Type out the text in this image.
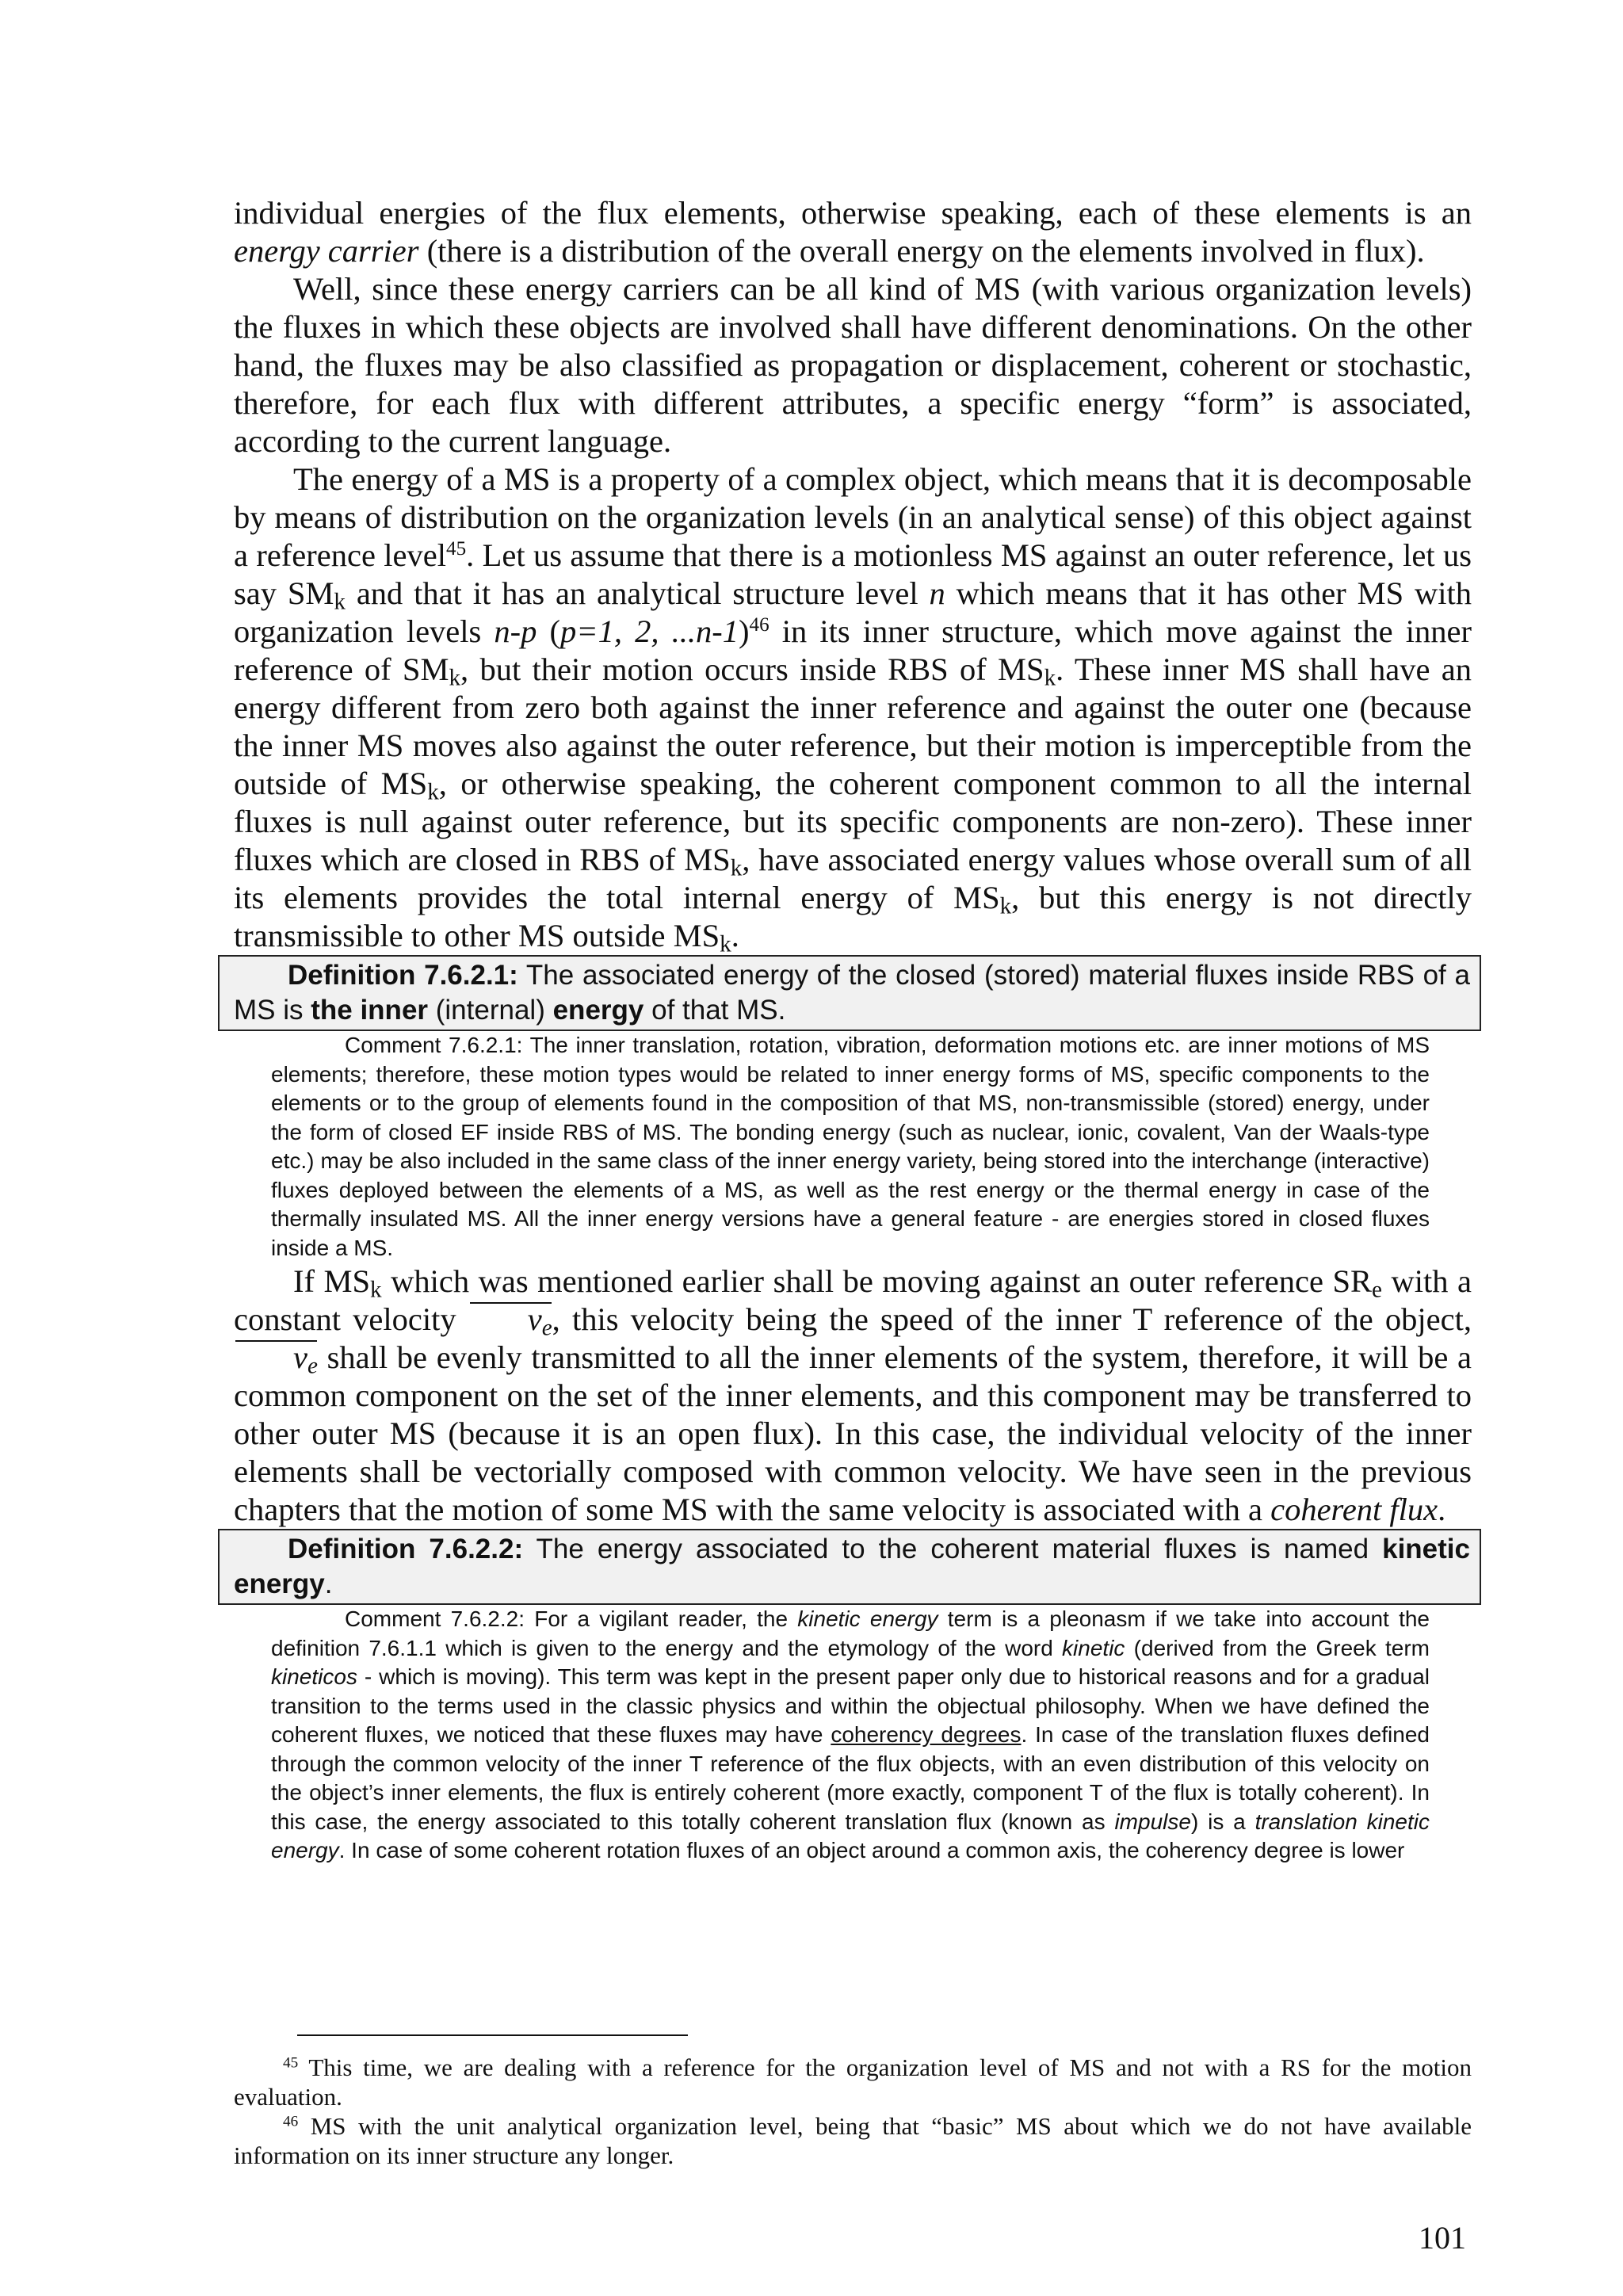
individual energies of the flux elements, otherwise speaking, each of these elements is an energy carrier (there is a distribution of the overall energy on the elements involved in flux).

Well, since these energy carriers can be all kind of MS (with various organization levels) the fluxes in which these objects are involved shall have different denominations. On the other hand, the fluxes may be also classified as propagation or displacement, coherent or stochastic, therefore, for each flux with different attributes, a specific energy “form” is associated, according to the current language.

The energy of a MS is a property of a complex object, which means that it is decomposable by means of distribution on the organization levels (in an analytical sense) of this object against a reference level$^{45}$. Let us assume that there is a motionless MS against an outer reference, let us say $SM_k$ and that it has an analytical structure level n which means that it has other MS with organization levels n-p (p=1, 2, ...n-1)$^{46}$ in its inner structure, which move against the inner reference of $SM_k$, but their motion occurs inside RBS of $MS_k$. These inner MS shall have an energy different from zero both against the inner reference and against the outer one (because the inner MS moves also against the outer reference, but their motion is imperceptible from the outside of $MS_k$, or otherwise speaking, the coherent component common to all the internal fluxes is null against outer reference, but its specific components are non-zero). These inner fluxes which are closed in RBS of $MS_k$, have associated energy values whose overall sum of all its elements provides the total internal energy of $MS_k$, but this energy is not directly transmissible to other MS outside $MS_k$.

Definition 7.6.2.1: The associated energy of the closed (stored) material fluxes inside RBS of a MS is the inner (internal) energy of that MS.
Comment 7.6.2.1: The inner translation, rotation, vibration, deformation motions etc. are inner motions of MS elements; therefore, these motion types would be related to inner energy forms of MS, specific components to the elements or to the group of elements found in the composition of that MS, non-transmissible (stored) energy, under the form of closed EF inside RBS of MS. The bonding energy (such as nuclear, ionic, covalent, Van der Waals-type etc.) may be also included in the same class of the inner energy variety, being stored into the interchange (interactive) fluxes deployed between the elements of a MS, as well as the rest energy or the thermal energy in case of the thermally insulated MS. All the inner energy versions have a general feature - are energies stored in closed fluxes inside a MS.

If $MS_k$ which was mentioned earlier shall be moving against an outer reference $SR_e$ with a constant velocity
$v_e$, this velocity being the speed of the inner T reference of the object,
$v_e$ shall be evenly transmitted to all the inner elements of the system, therefore, it will be a common component on the set of the inner elements, and this component may be transferred to other outer MS (because it is an open flux). In this case, the individual velocity of the inner elements shall be vectorially composed with common velocity. We have seen in the previous chapters that the motion of some MS with the same velocity is associated with a coherent flux.

Definition 7.6.2.2: The energy associated to the coherent material fluxes is named kinetic energy.
Comment 7.6.2.2: For a vigilant reader, the kinetic energy term is a pleonasm if we take into account the definition 7.6.1.1 which is given to the energy and the etymology of the word kinetic (derived from the Greek term kineticos - which is moving). This term was kept in the present paper only due to historical reasons and for a gradual transition to the terms used in the classic physics and within the objectual philosophy. When we have defined the coherent fluxes, we noticed that these fluxes may have coherency degrees. In case of the translation fluxes defined through the common velocity of the inner T reference of the flux objects, with an even distribution of this velocity on the object’s inner elements, the flux is entirely coherent (more exactly, component T of the flux is totally coherent). In this case, the energy associated to this totally coherent translation flux (known as impulse) is a translation kinetic energy. In case of some coherent rotation fluxes of an object around a common axis, the coherency degree is lower

$^{45}$ This time, we are dealing with a reference for the organization level of MS and not with a RS for the motion evaluation.

$^{46}$ MS with the unit analytical organization level, being that “basic” MS about which we do not have available information on its inner structure any longer.

101
